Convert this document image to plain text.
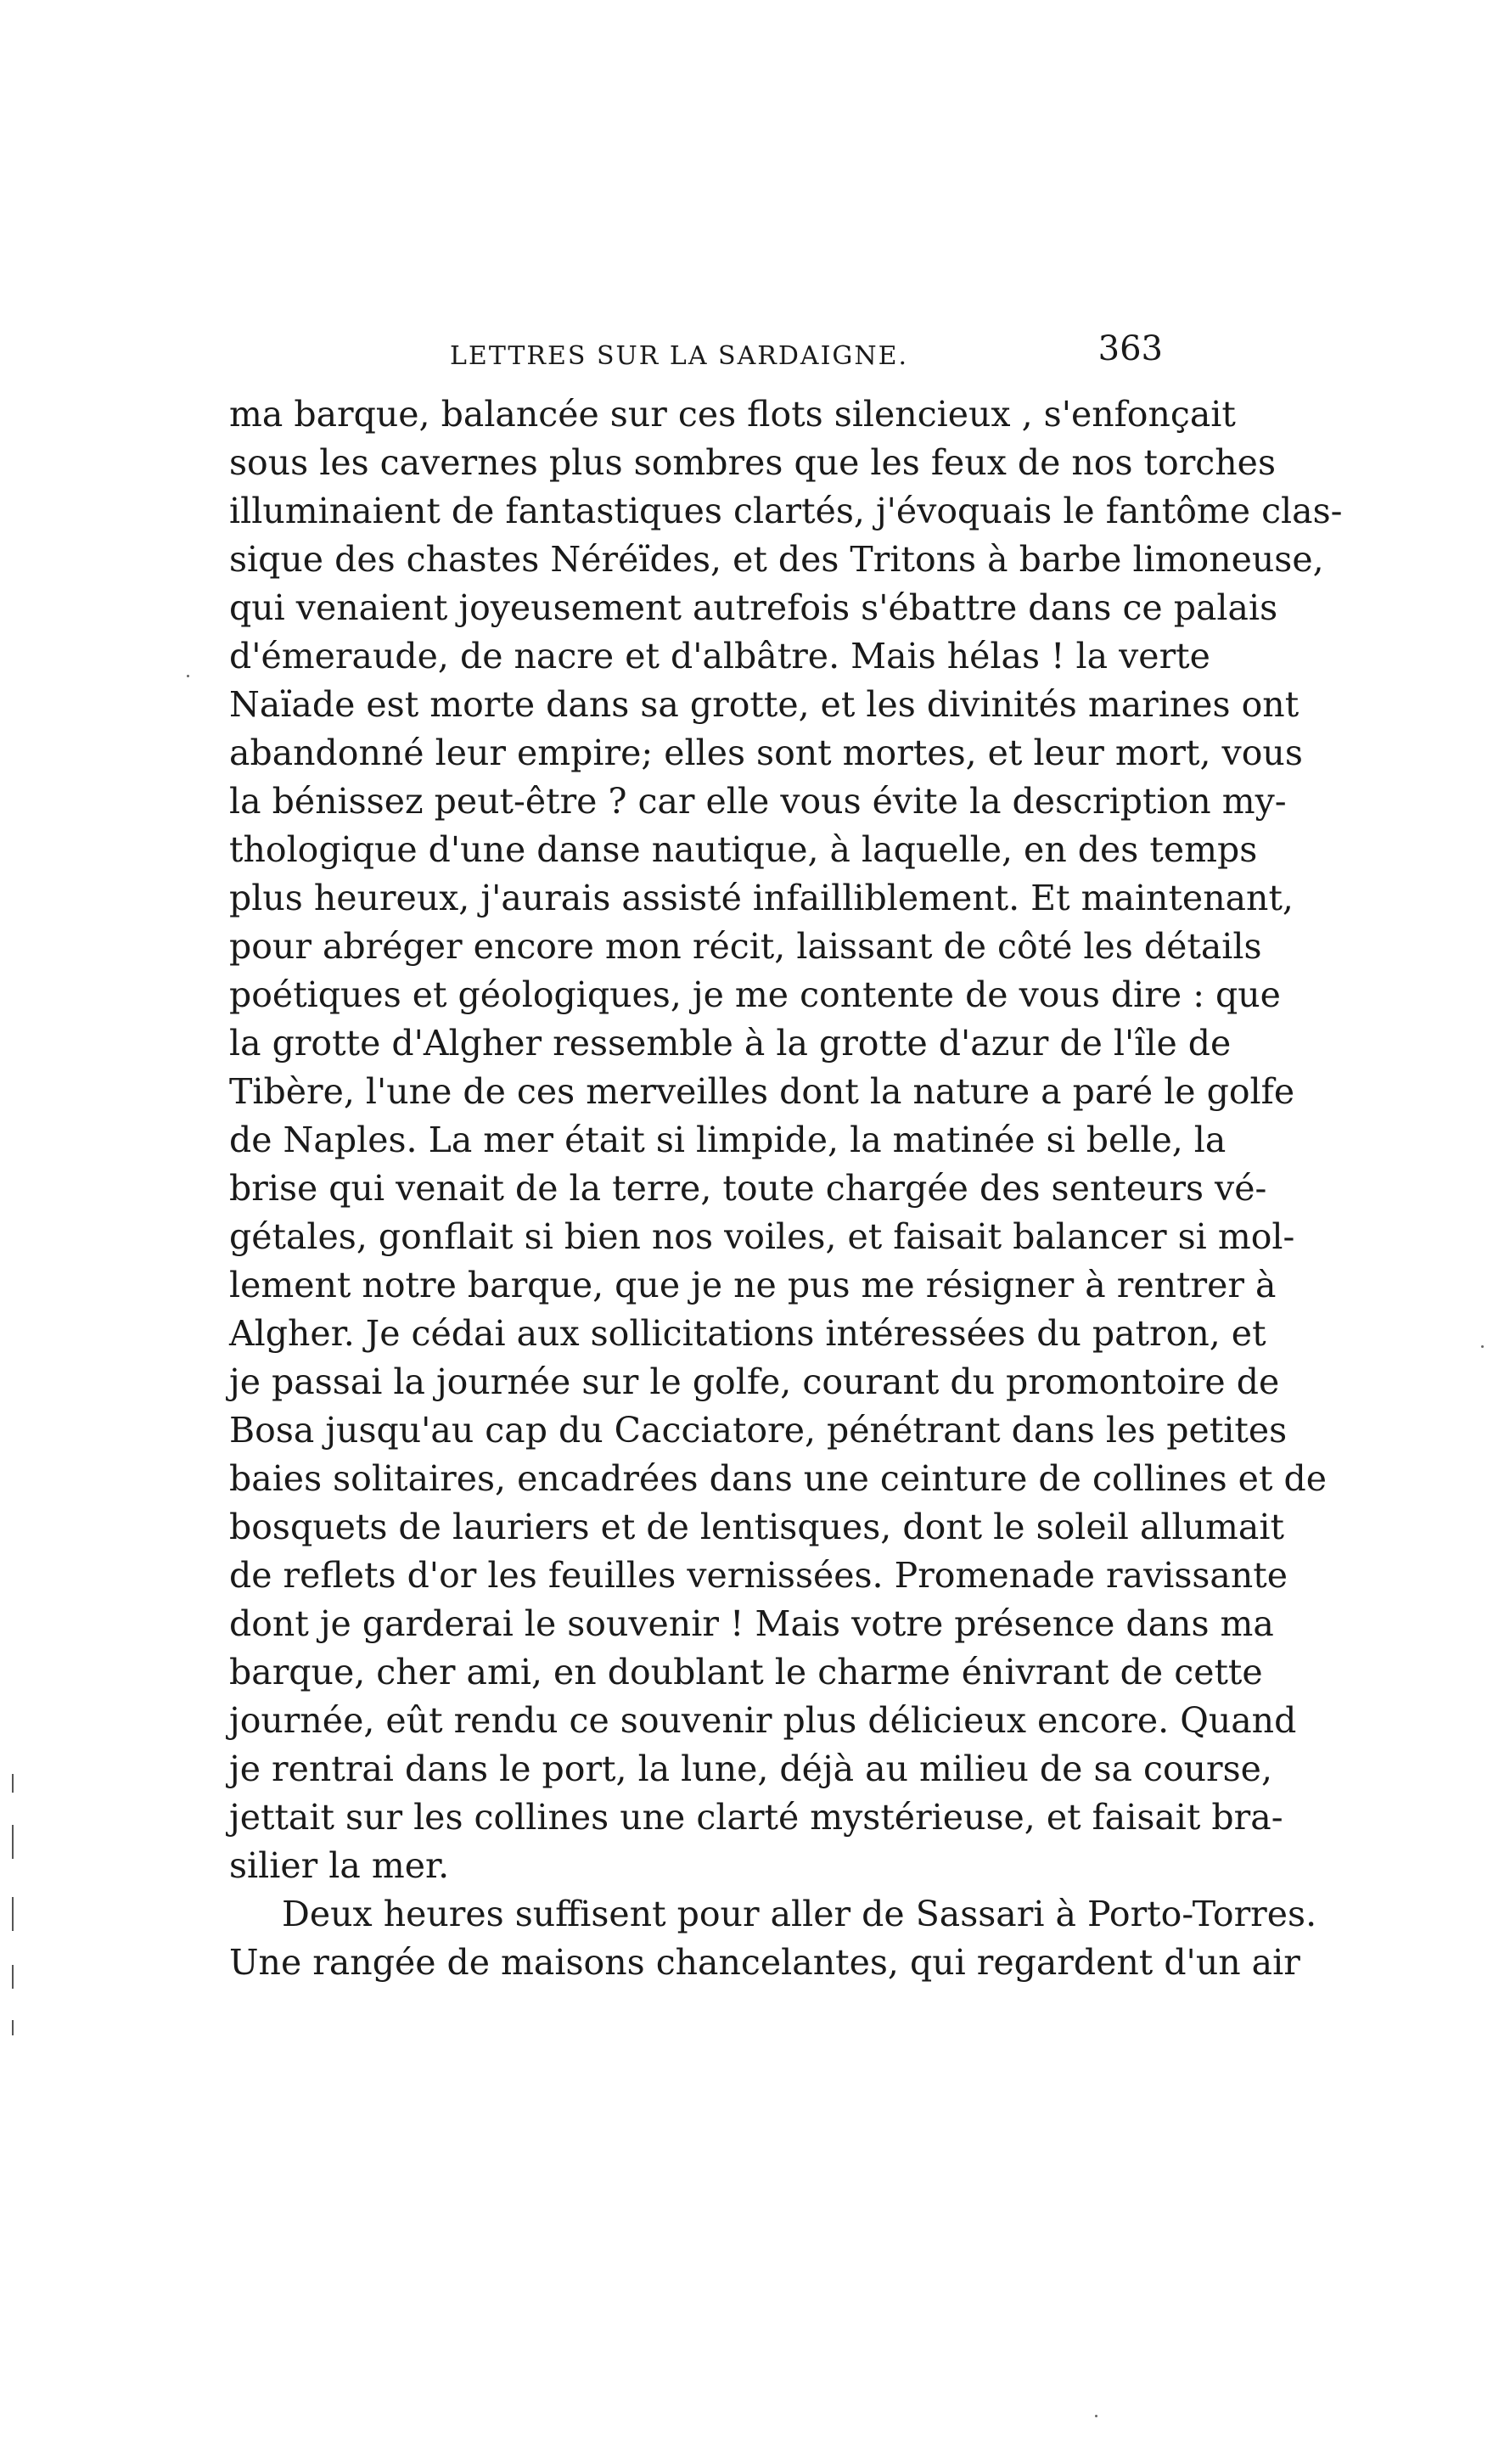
LETTRES SUR LA SARDAIGNE.	363
ma barque, balancée sur ces flots silencieux , s'enfonçait
sous les cavernes plus sombres que les feux de nos torches
illuminaient de fantastiques clartés, j'évoquais le fantôme clas-
sique des chastes Néréïdes, et des Tritons à barbe limoneuse,
qui venaient joyeusement autrefois s'ébattre dans ce palais
d'émeraude, de nacre et d'albâtre. Mais hélas ! la verte
Naïade est morte dans sa grotte, et les divinités marines ont
abandonné leur empire; elles sont mortes, et leur mort, vous
la bénissez peut-être ? car elle vous évite la description my-
thologique d'une danse nautique, à laquelle, en des temps
plus heureux, j'aurais assisté infailliblement. Et maintenant,
pour abréger encore mon récit, laissant de côté les détails
poétiques et géologiques, je me contente de vous dire : que
la grotte d'Algher ressemble à la grotte d'azur de l'île de
Tibère, l'une de ces merveilles dont la nature a paré le golfe
de Naples. La mer était si limpide, la matinée si belle, la
brise qui venait de la terre, toute chargée des senteurs vé-
gétales, gonflait si bien nos voiles, et faisait balancer si mol-
lement notre barque, que je ne pus me résigner à rentrer à
Algher. Je cédai aux sollicitations intéressées du patron, et
je passai la journée sur le golfe, courant du promontoire de
Bosa jusqu'au cap du Cacciatore, pénétrant dans les petites
baies solitaires, encadrées dans une ceinture de collines et de
bosquets de lauriers et de lentisques, dont le soleil allumait
de reflets d'or les feuilles vernissées. Promenade ravissante
dont je garderai le souvenir ! Mais votre présence dans ma
barque, cher ami, en doublant le charme énivrant de cette
journée, eût rendu ce souvenir plus délicieux encore. Quand
je rentrai dans le port, la lune, déjà au milieu de sa course,
jettait sur les collines une clarté mystérieuse, et faisait bra-
silier la mer.
Deux heures suffisent pour aller de Sassari à Porto-Torres.
Une rangée de maisons chancelantes, qui regardent d'un air
